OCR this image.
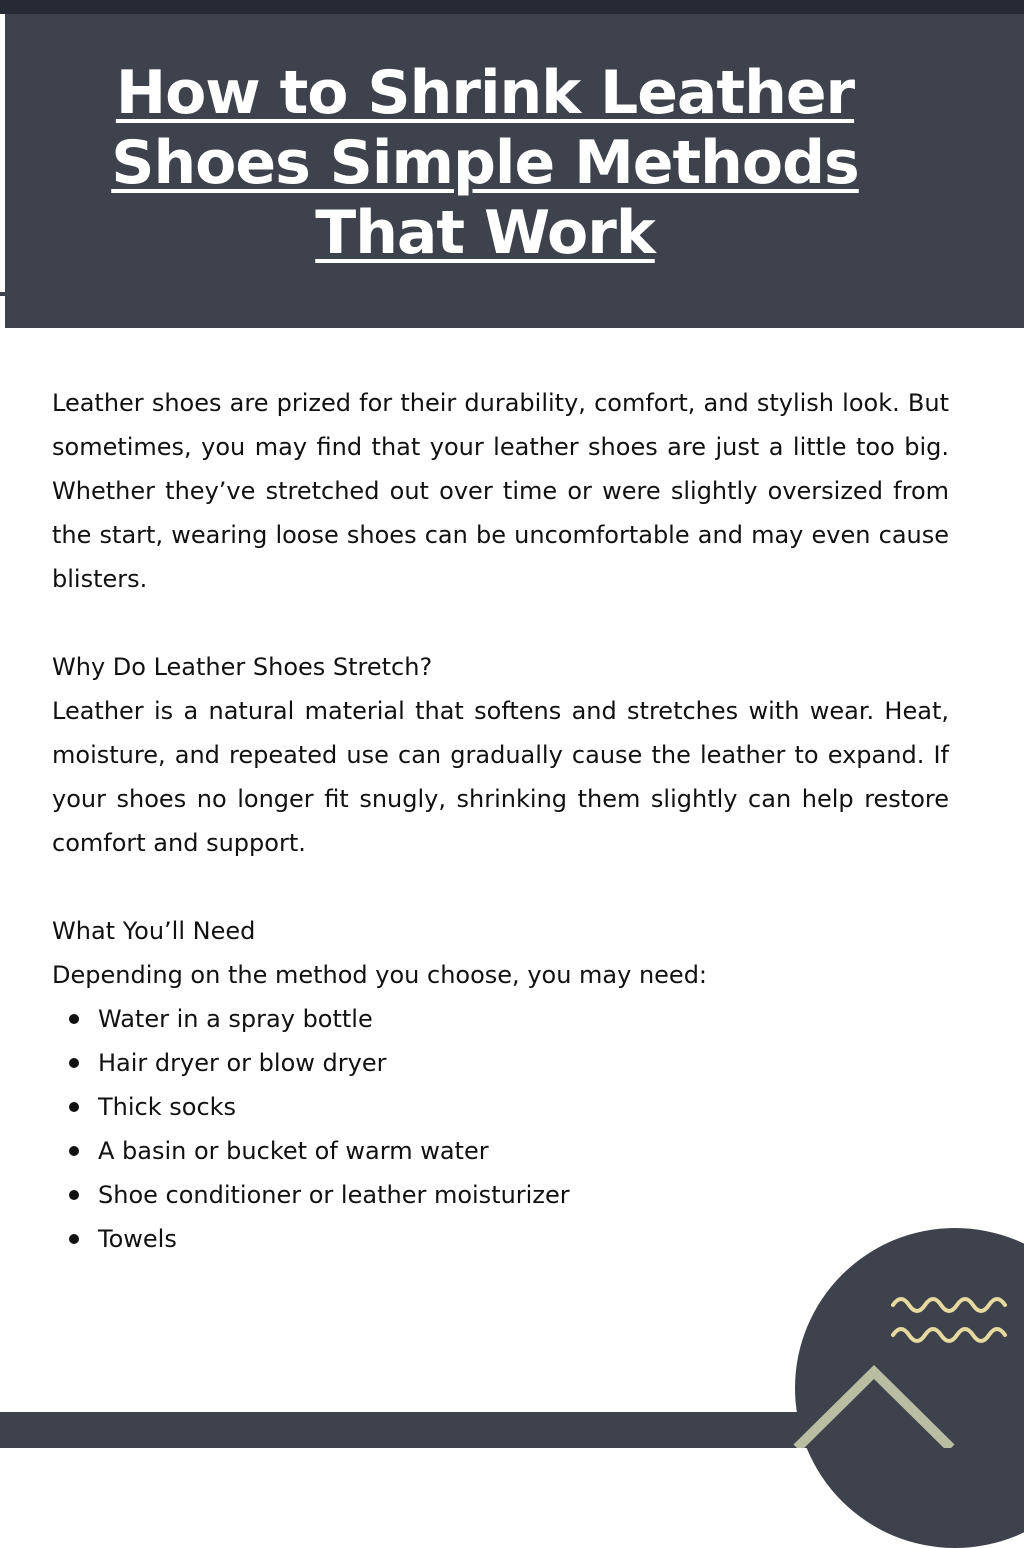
How to Shrink Leather Shoes Simple Methods That Work

Leather shoes are prized for their durability, comfort, and stylish look. But sometimes, you may find that your leather shoes are just a little too big. Whether they’ve stretched out over time or were slightly oversized from the start, wearing loose shoes can be uncomfortable and may even cause blisters.

Why Do Leather Shoes Stretch?

Leather is a natural material that softens and stretches with wear. Heat, moisture, and repeated use can gradually cause the leather to expand. If your shoes no longer fit snugly, shrinking them slightly can help restore comfort and support.

What You’ll Need
Depending on the method you choose, you may need:
Water in a spray bottle
Hair dryer or blow dryer
Thick socks
A basin or bucket of warm water
Shoe conditioner or leather moisturizer
Towels
